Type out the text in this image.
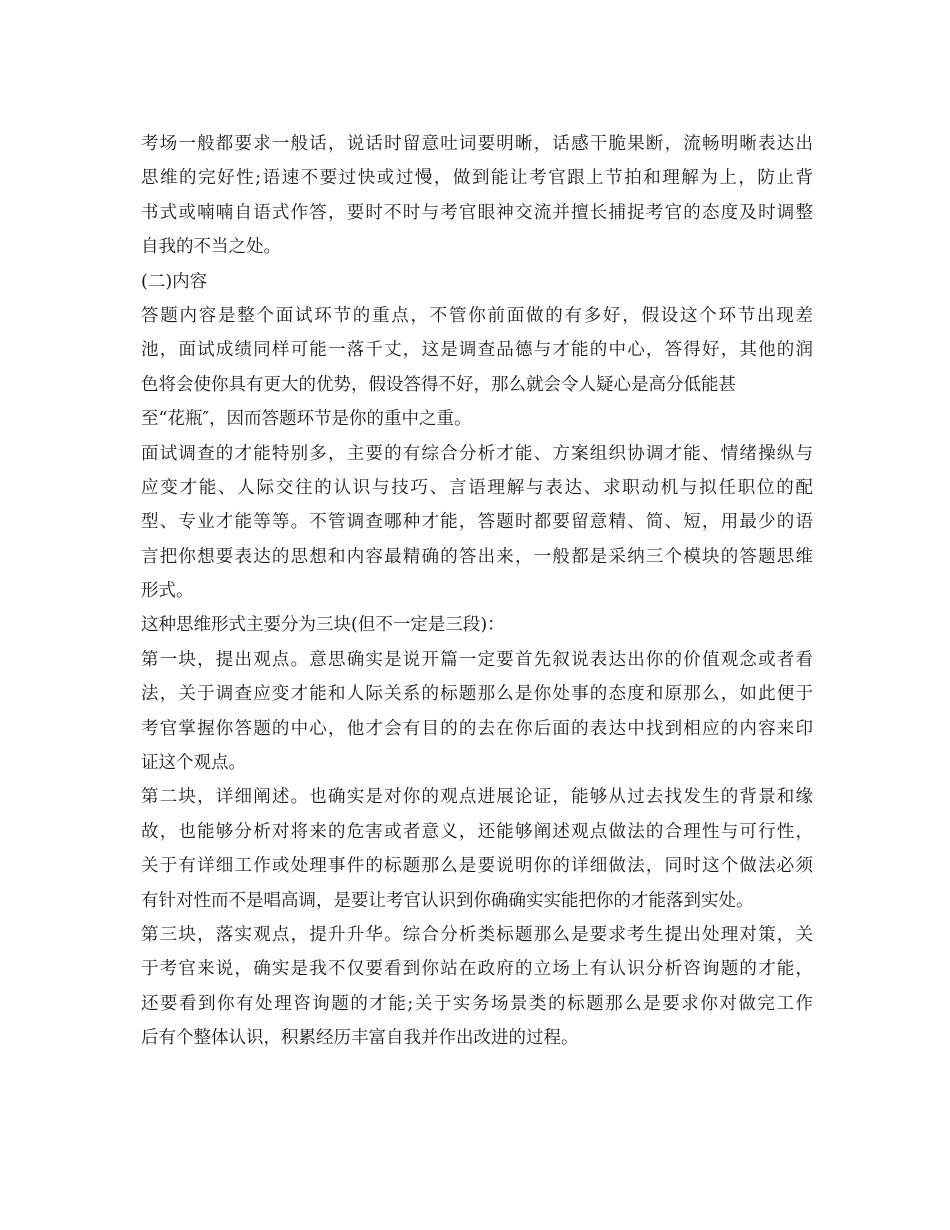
考场一般都要求一般话，说话时留意吐词要明晰，话感干脆果断，流畅明晰表达出
思维的完好性;语速不要过快或过慢，做到能让考官跟上节拍和理解为上，防止背
书式或喃喃自语式作答，要时不时与考官眼神交流并擅长捕捉考官的态度及时调整
自我的不当之处。
(二)内容
答题内容是整个面试环节的重点，不管你前面做的有多好，假设这个环节出现差
池，面试成绩同样可能一落千丈，这是调查品德与才能的中心，答得好，其他的润
色将会使你具有更大的优势，假设答得不好，那么就会令人疑心是高分低能甚
至“花瓶″，因而答题环节是你的重中之重。
面试调查的才能特别多，主要的有综合分析才能、方案组织协调才能、情绪操纵与
应变才能、人际交往的认识与技巧、言语理解与表达、求职动机与拟任职位的配
型、专业才能等等。不管调查哪种才能，答题时都要留意精、简、短，用最少的语
言把你想要表达的思想和内容最精确的答出来，一般都是采纳三个模块的答题思维
形式。
这种思维形式主要分为三块(但不一定是三段)：
第一块，提出观点。意思确实是说开篇一定要首先叙说表达出你的价值观念或者看
法，关于调查应变才能和人际关系的标题那么是你处事的态度和原那么，如此便于
考官掌握你答题的中心，他才会有目的的去在你后面的表达中找到相应的内容来印
证这个观点。
第二块，详细阐述。也确实是对你的观点进展论证，能够从过去找发生的背景和缘
故，也能够分析对将来的危害或者意义，还能够阐述观点做法的合理性与可行性，
关于有详细工作或处理事件的标题那么是要说明你的详细做法，同时这个做法必须
有针对性而不是唱高调，是要让考官认识到你确确实实能把你的才能落到实处。
第三块，落实观点，提升升华。综合分析类标题那么是要求考生提出处理对策，关
于考官来说，确实是我不仅要看到你站在政府的立场上有认识分析咨询题的才能，
还要看到你有处理咨询题的才能;关于实务场景类的标题那么是要求你对做完工作
后有个整体认识，积累经历丰富自我并作出改进的过程。
